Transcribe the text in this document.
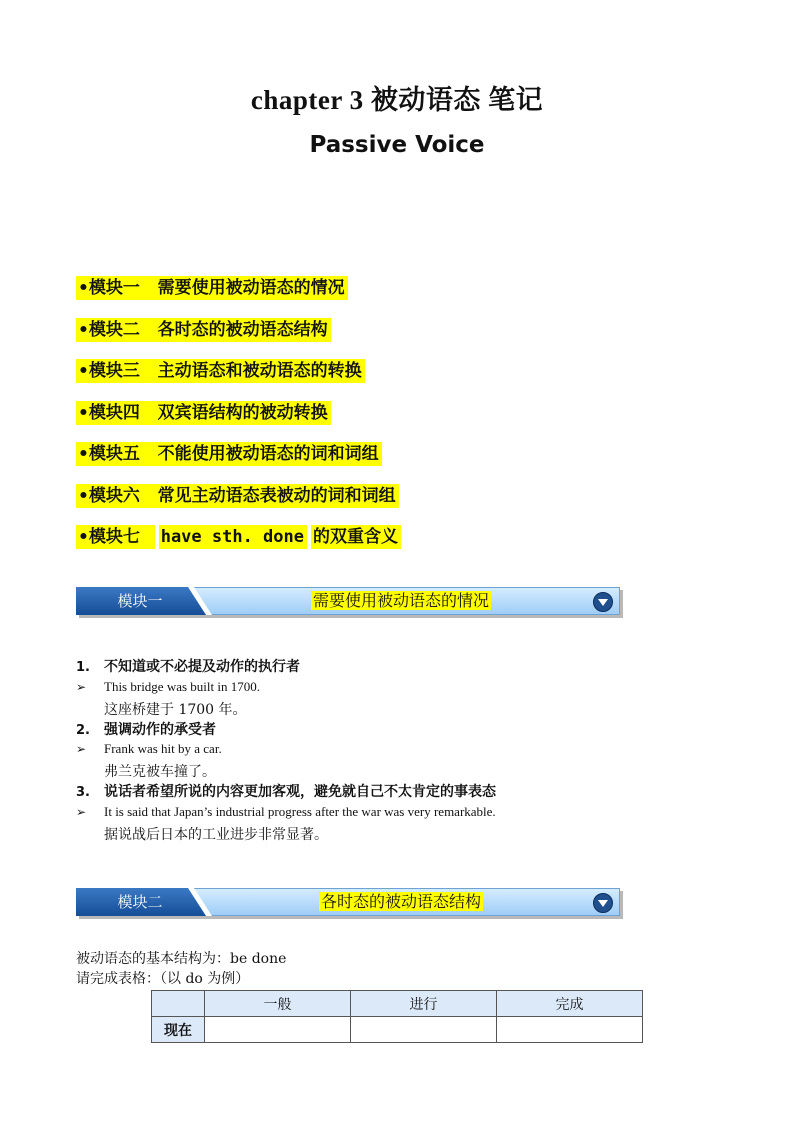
chapter 3 被动语态 笔记
Passive Voice
•模块一   需要使用被动语态的情况
•模块二   各时态的被动语态结构
•模块三   主动语态和被动语态的转换
•模块四   双宾语结构的被动转换
•模块五   不能使用被动语态的词和词组
•模块六   常见主动语态表被动的词和词组
•模块七  have sth. done 的双重含义
模块一	需要使用被动语态的情况
1. 不知道或不必提及动作的执行者
➢ This bridge was built in 1700.
这座桥建于 1700 年。
2. 强调动作的承受者
➢ Frank was hit by a car.
弗兰克被车撞了。
3. 说话者希望所说的内容更加客观，避免就自己不太肯定的事表态
➢ It is said that Japan’s industrial progress after the war was very remarkable.
据说战后日本的工业进步非常显著。
模块二	各时态的被动语态结构
被动语态的基本结构为：be done
请完成表格：（以 do 为例）
	一般	进行	完成
现在			
